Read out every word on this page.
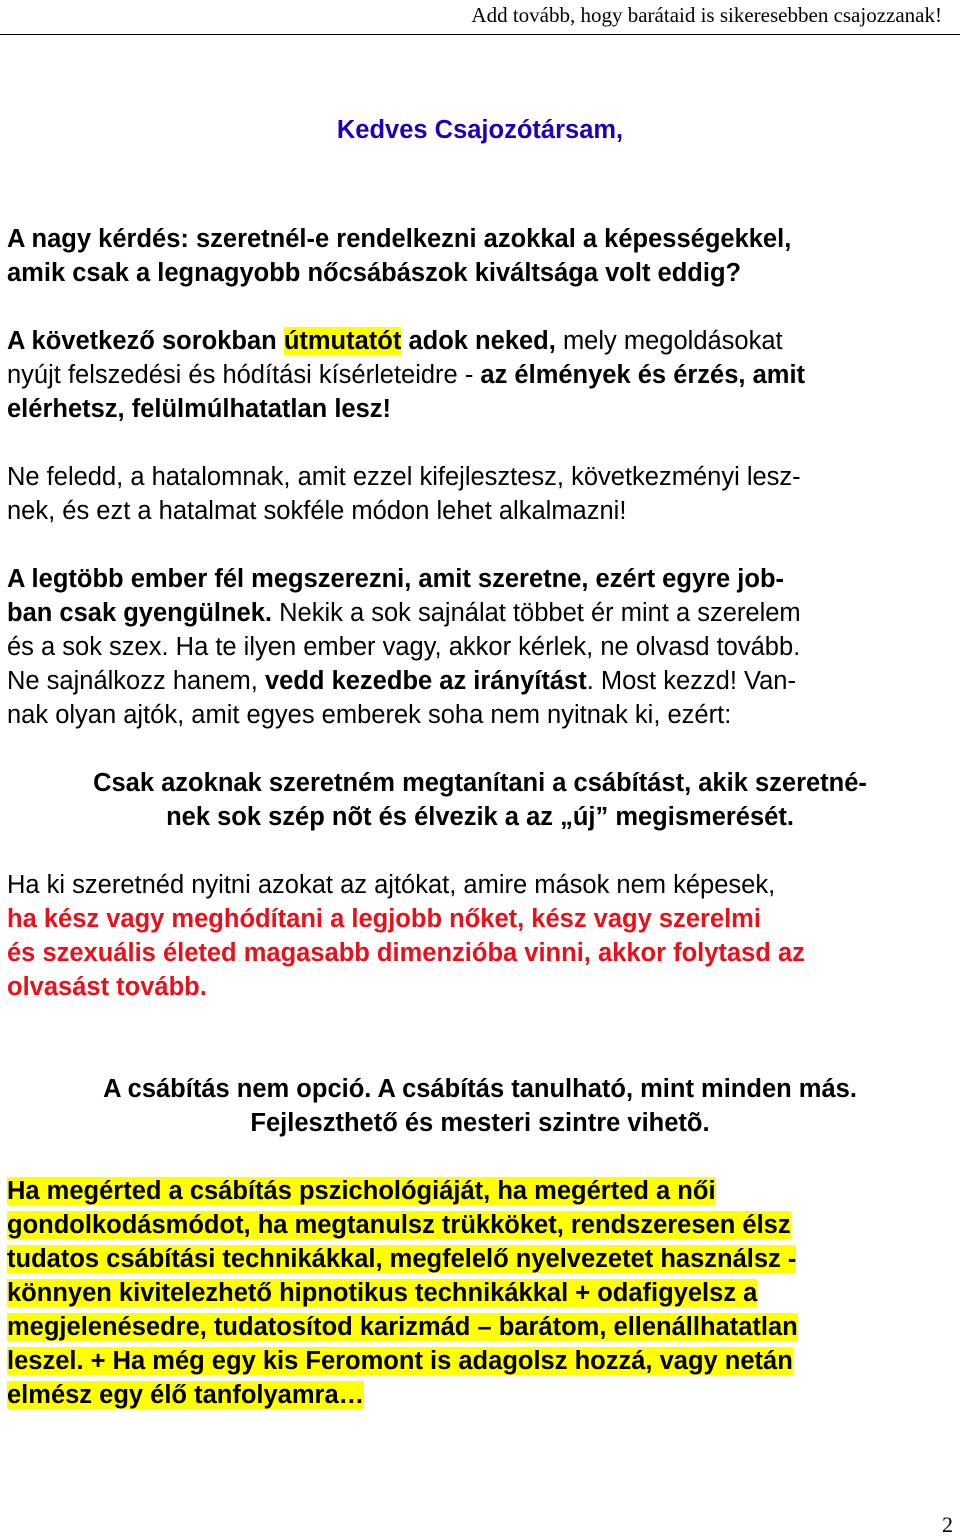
Add tovább, hogy barátaid is sikeresebben csajozzanak!

Kedves Csajozótársam,

A nagy kérdés: szeretnél-e rendelkezni azokkal a képességekkel,

amik csak a legnagyobb nőcsábászok kiváltsága volt eddig?

A következő sorokban útmutatót adok neked, mely megoldásokat

nyújt felszedési és hódítási kísérleteidre - az élmények és érzés, amit

elérhetsz, felülmúlhatatlan lesz!

Ne feledd, a hatalomnak, amit ezzel kifejlesztesz, következményi lesz-

nek, és ezt a hatalmat sokféle módon lehet alkalmazni!

A legtöbb ember fél megszerezni, amit szeretne, ezért egyre job-

ban csak gyengülnek. Nekik a sok sajnálat többet ér mint a szerelem

és a sok szex. Ha te ilyen ember vagy, akkor kérlek, ne olvasd tovább.

Ne sajnálkozz hanem, vedd kezedbe az irányítást. Most kezzd! Van-

nak olyan ajtók, amit egyes emberek soha nem nyitnak ki, ezért:

Csak azoknak szeretném megtanítani a csábítást, akik szeretné-

nek sok szép nõt és élvezik a az „új” megismerését.

Ha ki szeretnéd nyitni azokat az ajtókat, amire mások nem képesek,

ha kész vagy meghódítani a legjobb nőket, kész vagy szerelmi

és szexuális életed magasabb dimenzióba vinni, akkor folytasd az

olvasást tovább.

A csábítás nem opció. A csábítás tanulható, mint minden más.

Fejleszthető és mesteri szintre vihetõ.

Ha megérted a csábítás pszichológiáját, ha megérted a női

gondolkodásmódot, ha megtanulsz trükköket, rendszeresen élsz

tudatos csábítási technikákkal, megfelelő nyelvezetet használsz -

könnyen kivitelezhető hipnotikus technikákkal + odafigyelsz a

megjelenésedre, tudatosítod karizmád – barátom, ellenállhatatlan

leszel. + Ha még egy kis Feromont is adagolsz hozzá, vagy netán

elmész egy élő tanfolyamra…

2
